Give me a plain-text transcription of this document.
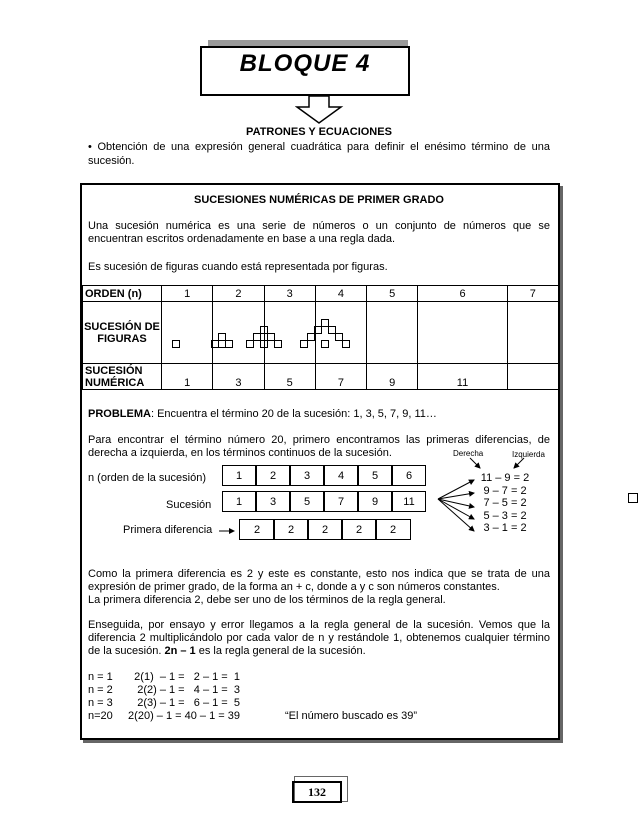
BLOQUE 4
PATRONES Y ECUACIONES
• Obtención de una expresión general cuadrática para definir el enésimo término de una sucesión.
SUCESIONES NUMÉRICAS DE PRIMER GRADO
Una sucesión numérica es una serie de números o un conjunto de números que se encuentran escritos ordenadamente en base a una regla dada.
Es sucesión de figuras cuando está representada por figuras.
ORDEN (n)	1	2	3	4	5	6	7
SUCESIÓN DE FIGURAS							
SUCESIÓN NUMÉRICA	1	3	5	7	9	11	
PROBLEMA: Encuentra el término 20 de la sucesión: 1, 3, 5, 7, 9, 11…
Para encontrar el término número 20, primero encontramos las primeras diferencias, de derecha a izquierda, en los términos continuos de la sucesión.	Derecha	Izquierda
n (orden de la sucesión)
Sucesión
Primera diferencia
1	2	3	4	5	6
1	3	5	7	9	11
2	2	2	2	2
11 – 9 = 2
9 – 7 = 2
7 – 5 = 2
5 – 3 = 2
3 – 1 = 2
Como la primera diferencia es 2 y este es constante, esto nos indica que se trata de una expresión de primer grado, de la forma an + c, donde a y c son números constantes.
La primera diferencia 2, debe ser uno de los términos de la regla general.
Enseguida, por ensayo y error llegamos a la regla general de la sucesión. Vemos que la diferencia 2 multiplicándolo por cada valor de n y restándole 1, obtenemos cualquier término de la sucesión. 2n – 1 es la regla general de la sucesión.
n = 1       2(1)  – 1 =   2 – 1 =  1
n = 2        2(2) – 1 =   4 – 1 =  3
n = 3        2(3) – 1 =   6 – 1 =  5
n=20     2(20) – 1 = 40 – 1 = 39	“El número buscado es 39”
132
